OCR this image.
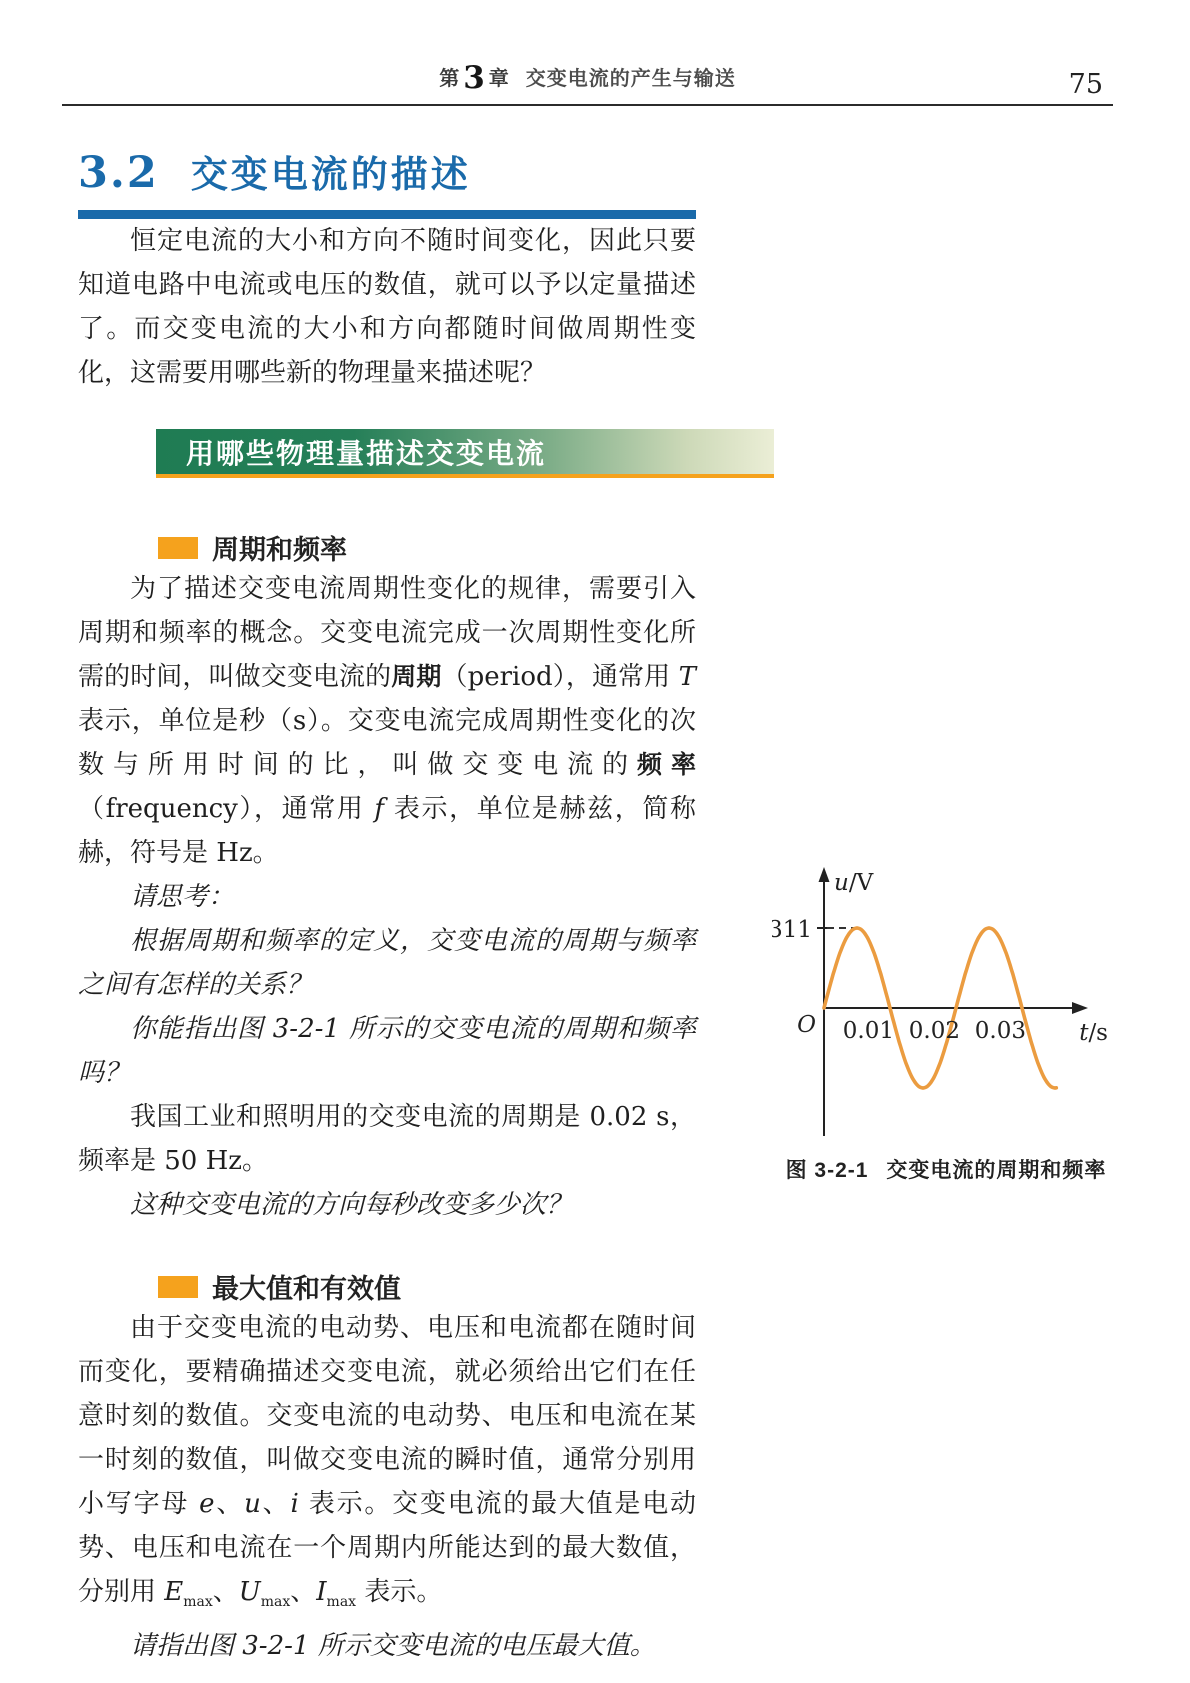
第3 章 交变电流的产生与输送	75
3.2 交变电流的描述

恒定电流的大小和方向不随时间变化，因此只要知道电路中电流或电压的数值，就可以予以定量描述了。而交变电流的大小和方向都随时间做周期性变化，这需要用哪些新的物理量来描述呢？

用哪些物理量描述交变电流
周期和频率

为了描述交变电流周期性变化的规律，需要引入周期和频率的概念。交变电流完成一次周期性变化所需的时间，叫做交变电流的周期（period），通常用 T 表示，单位是秒（s）。交变电流完成周期性变化的次数与所用时间的比，叫做交变电流的频率（frequency），通常用 f 表示，单位是赫兹，简称赫，符号是 Hz。

请思考：

根据周期和频率的定义，交变电流的周期与频率之间有怎样的关系？

你能指出图 3-2-1 所示的交变电流的周期和频率吗？

我国工业和照明用的交变电流的周期是 0.02 s，频率是 50 Hz。

这种交变电流的方向每秒改变多少次？

最大值和有效值

由于交变电流的电动势、电压和电流都在随时间而变化，要精确描述交变电流，就必须给出它们在任意时刻的数值。交变电流的电动势、电压和电流在某一时刻的数值，叫做交变电流的瞬时值，通常分别用小写字母 e、u、i 表示。交变电流的最大值是电动势、电压和电流在一个周期内所能达到的最大数值，分别用 $E_{max}$、$U_{max}$、$I_{max}$ 表示。

请指出图 3-2-1 所示交变电流的电压最大值。

u/V
311
O 0.01 0.02 0.03 t/s
图 3-2-1 交变电流的周期和频率
